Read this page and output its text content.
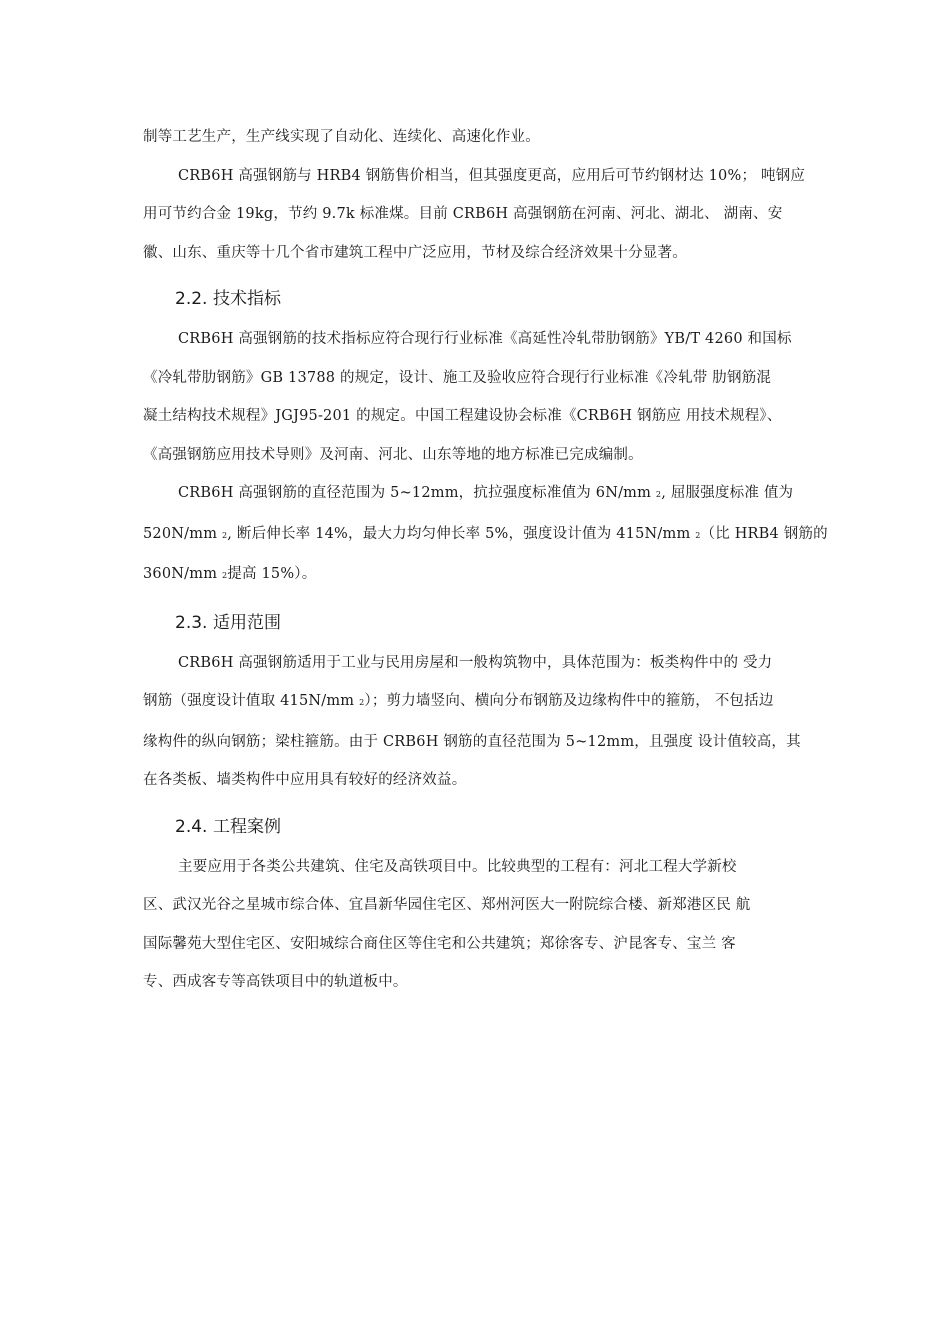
制等工艺生产，生产线实现了自动化、连续化、高速化作业。

CRB6H 高强钢筋与 HRB4 钢筋售价相当，但其强度更高，应用后可节约钢材达 10%； 吨钢应
用可节约合金 19kg，节约 9.7k 标准煤。目前 CRB6H 高强钢筋在河南、河北、湖北、 湖南、安
徽、山东、重庆等十几个省市建筑工程中广泛应用，节材及综合经济效果十分显著。

2.2. 技术指标

CRB6H 高强钢筋的技术指标应符合现行行业标准《高延性冷轧带肋钢筋》YB/T 4260 和国标
《冷轧带肋钢筋》GB 13788 的规定，设计、施工及验收应符合现行行业标准《冷轧带 肋钢筋混
凝土结构技术规程》JGJ95-201 的规定。中国工程建设协会标准《CRB6H 钢筋应 用技术规程》、
《高强钢筋应用技术导则》及河南、河北、山东等地的地方标准已完成编制。

CRB6H 高强钢筋的直径范围为 5~12mm，抗拉强度标准值为 6N/mm 2, 屈服强度标准 值为
520N/mm 2, 断后伸长率 14%，最大力均匀伸长率 5%，强度设计值为 415N/mm 2（比 HRB4 钢筋的
360N/mm 2提高 15%）。

2.3. 适用范围

CRB6H 高强钢筋适用于工业与民用房屋和一般构筑物中，具体范围为：板类构件中的 受力
钢筋（强度设计值取 415N/mm 2）；剪力墙竖向、横向分布钢筋及边缘构件中的箍筋， 不包括边
缘构件的纵向钢筋；梁柱箍筋。由于 CRB6H 钢筋的直径范围为 5~12mm，且强度 设计值较高，其
在各类板、墙类构件中应用具有较好的经济效益。

2.4. 工程案例

主要应用于各类公共建筑、住宅及高铁项目中。比较典型的工程有：河北工程大学新校
区、武汉光谷之星城市综合体、宜昌新华园住宅区、郑州河医大一附院综合楼、新郑港区民 航
国际馨苑大型住宅区、安阳城综合商住区等住宅和公共建筑；郑徐客专、沪昆客专、宝兰 客
专、西成客专等高铁项目中的轨道板中。
